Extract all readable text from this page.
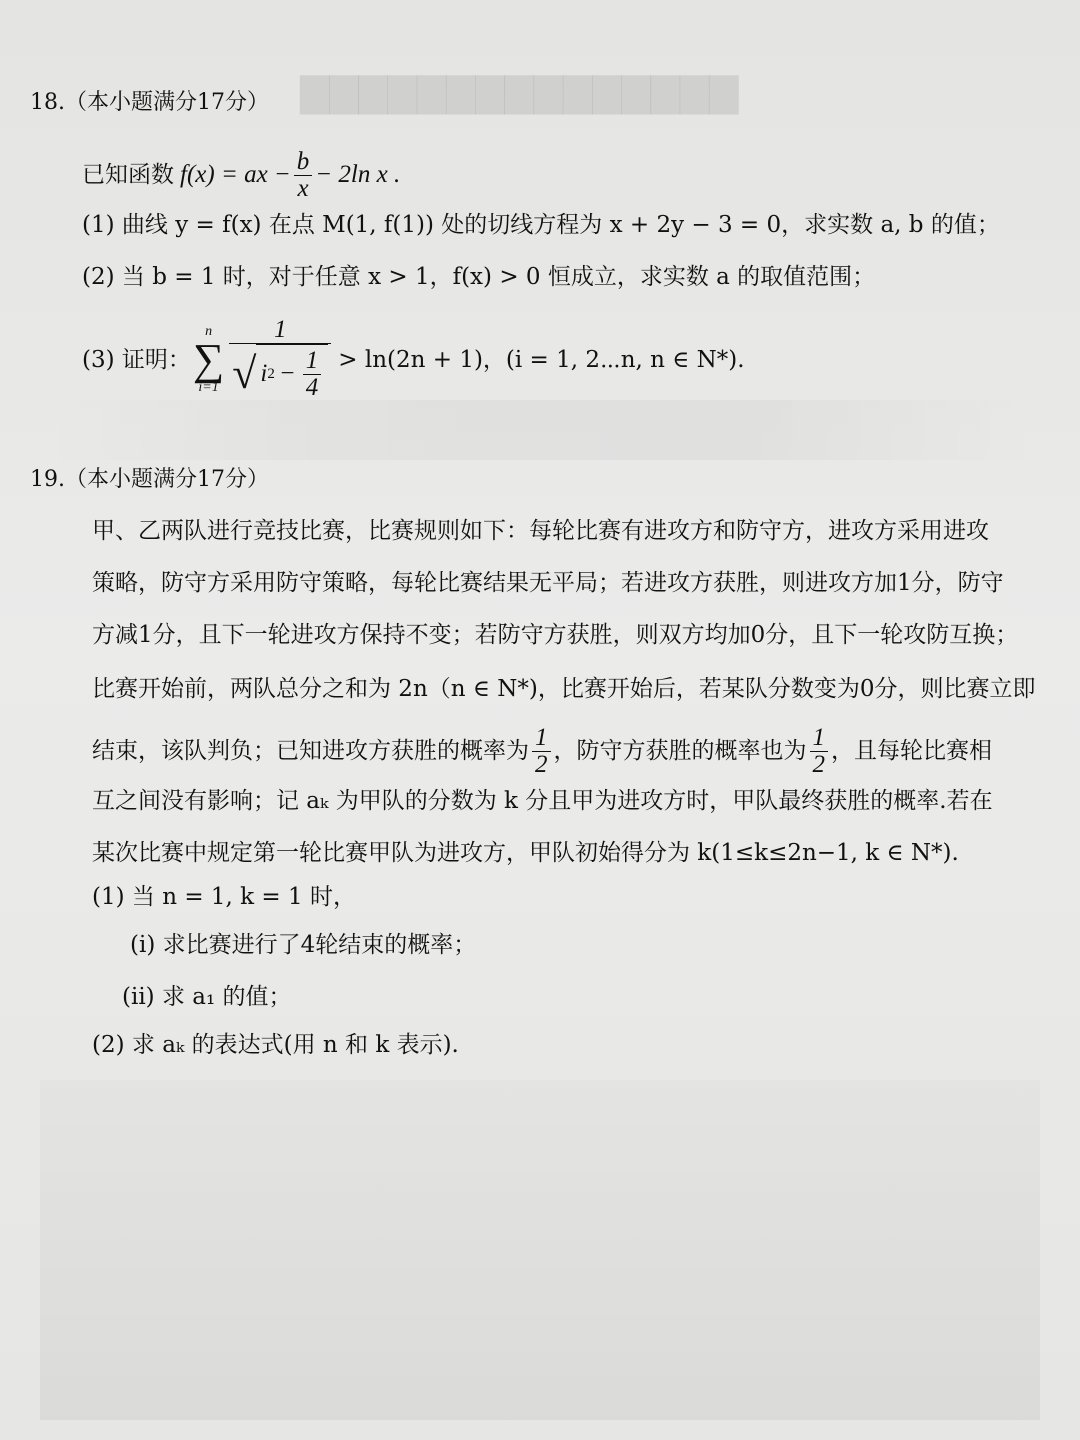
▇▇▇▇▇▇▇▇▇▇▇▇▇▇▇
18.（本小题满分17分）
已知函数 f(x) = ax − $\frac{b}{x} - 2\ln$ x .
(1) 曲线 y = f(x) 在点 M(1, f(1)) 处的切线方程为 x + 2y − 3 = 0，求实数 a, b 的值；
(2) 当 b = 1 时，对于任意 x > 1，f(x) > 0 恒成立，求实数 a 的取值范围；
(3) 证明：
n
∑
i=1
1
√ i $2 - \frac{1}{4} > \ln(2n + 1)$，(i = 1, 2⋯n, n ∈ N*).
19.（本小题满分17分）
甲、乙两队进行竞技比赛，比赛规则如下：每轮比赛有进攻方和防守方，进攻方采用进攻
策略，防守方采用防守策略，每轮比赛结果无平局；若进攻方获胜，则进攻方加1分，防守
方减1分，且下一轮进攻方保持不变；若防守方获胜，则双方均加0分，且下一轮攻防互换；
比赛开始前，两队总分之和为 2n（n ∈ N*)，比赛开始后，若某队分数变为0分，则比赛立即
结束，该队判负；已知进攻方获胜的概率为 $\frac{1}{2}$ ，防守方获胜的概率也为 $\frac{1}{2}$ ，且每轮比赛相
互之间没有影响；记 aₖ 为甲队的分数为 k 分且甲为进攻方时，甲队最终获胜的概率.若在
某次比赛中规定第一轮比赛甲队为进攻方，甲队初始得分为 k(1≤k≤2n−1, k ∈ N*).
(1) 当 n = 1, k = 1 时，
(i) 求比赛进行了4轮结束的概率；
(ii) 求 a₁ 的值；
(2) 求 aₖ 的表达式(用 n 和 k 表示).
